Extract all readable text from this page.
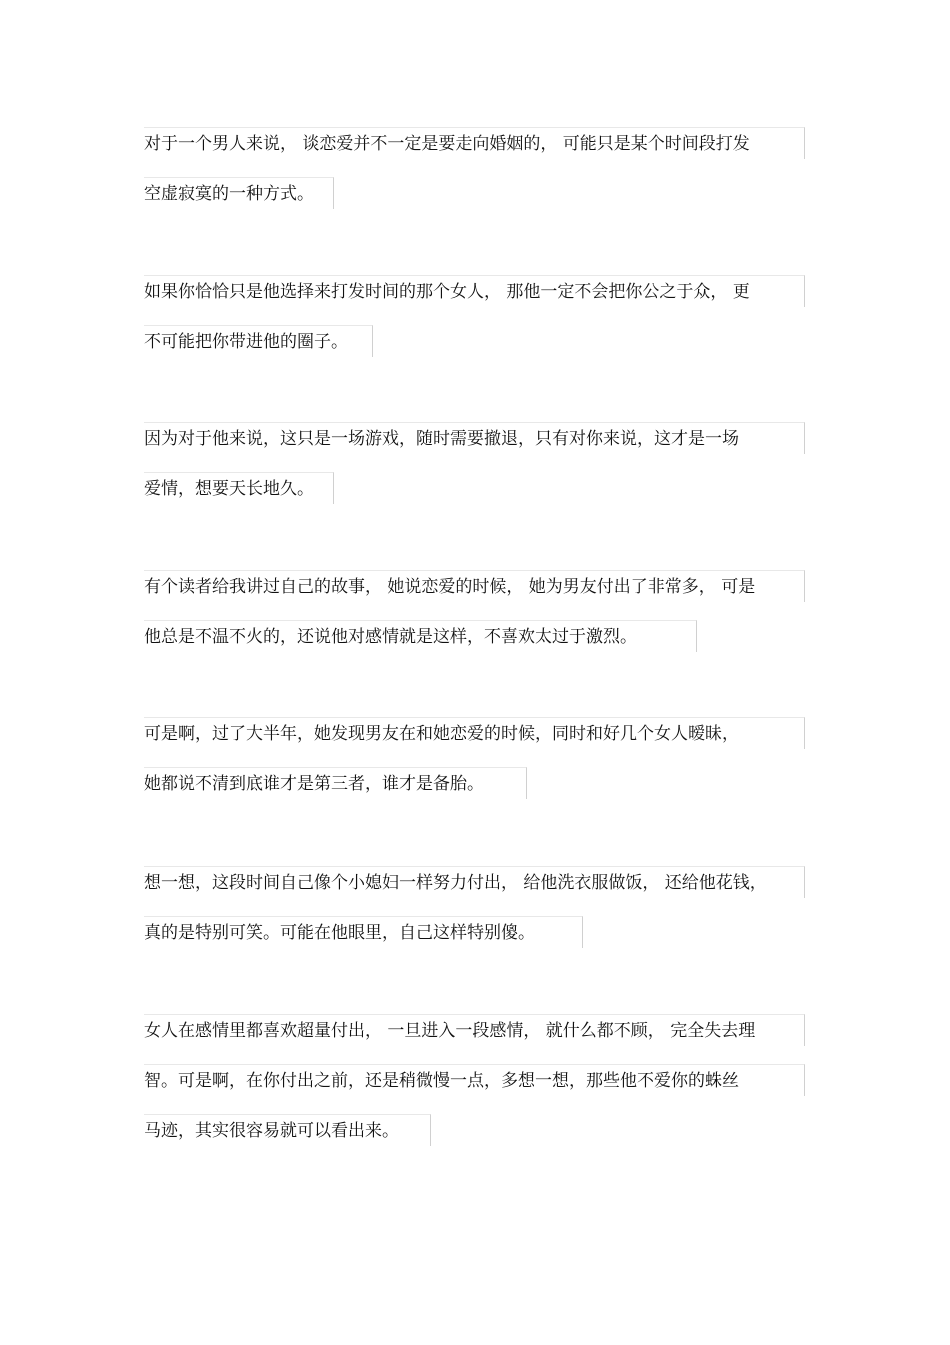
对于一个男人来说， 谈恋爱并不一定是要走向婚姻的， 可能只是某个时间段打发
空虚寂寞的一种方式。
如果你恰恰只是他选择来打发时间的那个女人， 那他一定不会把你公之于众， 更
不可能把你带进他的圈子。
因为对于他来说，这只是一场游戏，随时需要撤退，只有对你来说，这才是一场
爱情，想要天长地久。
有个读者给我讲过自己的故事， 她说恋爱的时候， 她为男友付出了非常多， 可是
他总是不温不火的，还说他对感情就是这样，不喜欢太过于激烈。
可是啊，过了大半年，她发现男友在和她恋爱的时候，同时和好几个女人暧昧，
她都说不清到底谁才是第三者，谁才是备胎。
想一想，这段时间自己像个小媳妇一样努力付出， 给他洗衣服做饭， 还给他花钱，
真的是特别可笑。可能在他眼里，自己这样特别傻。
女人在感情里都喜欢超量付出， 一旦进入一段感情， 就什么都不顾， 完全失去理
智。可是啊，在你付出之前，还是稍微慢一点，多想一想，那些他不爱你的蛛丝
马迹，其实很容易就可以看出来。
